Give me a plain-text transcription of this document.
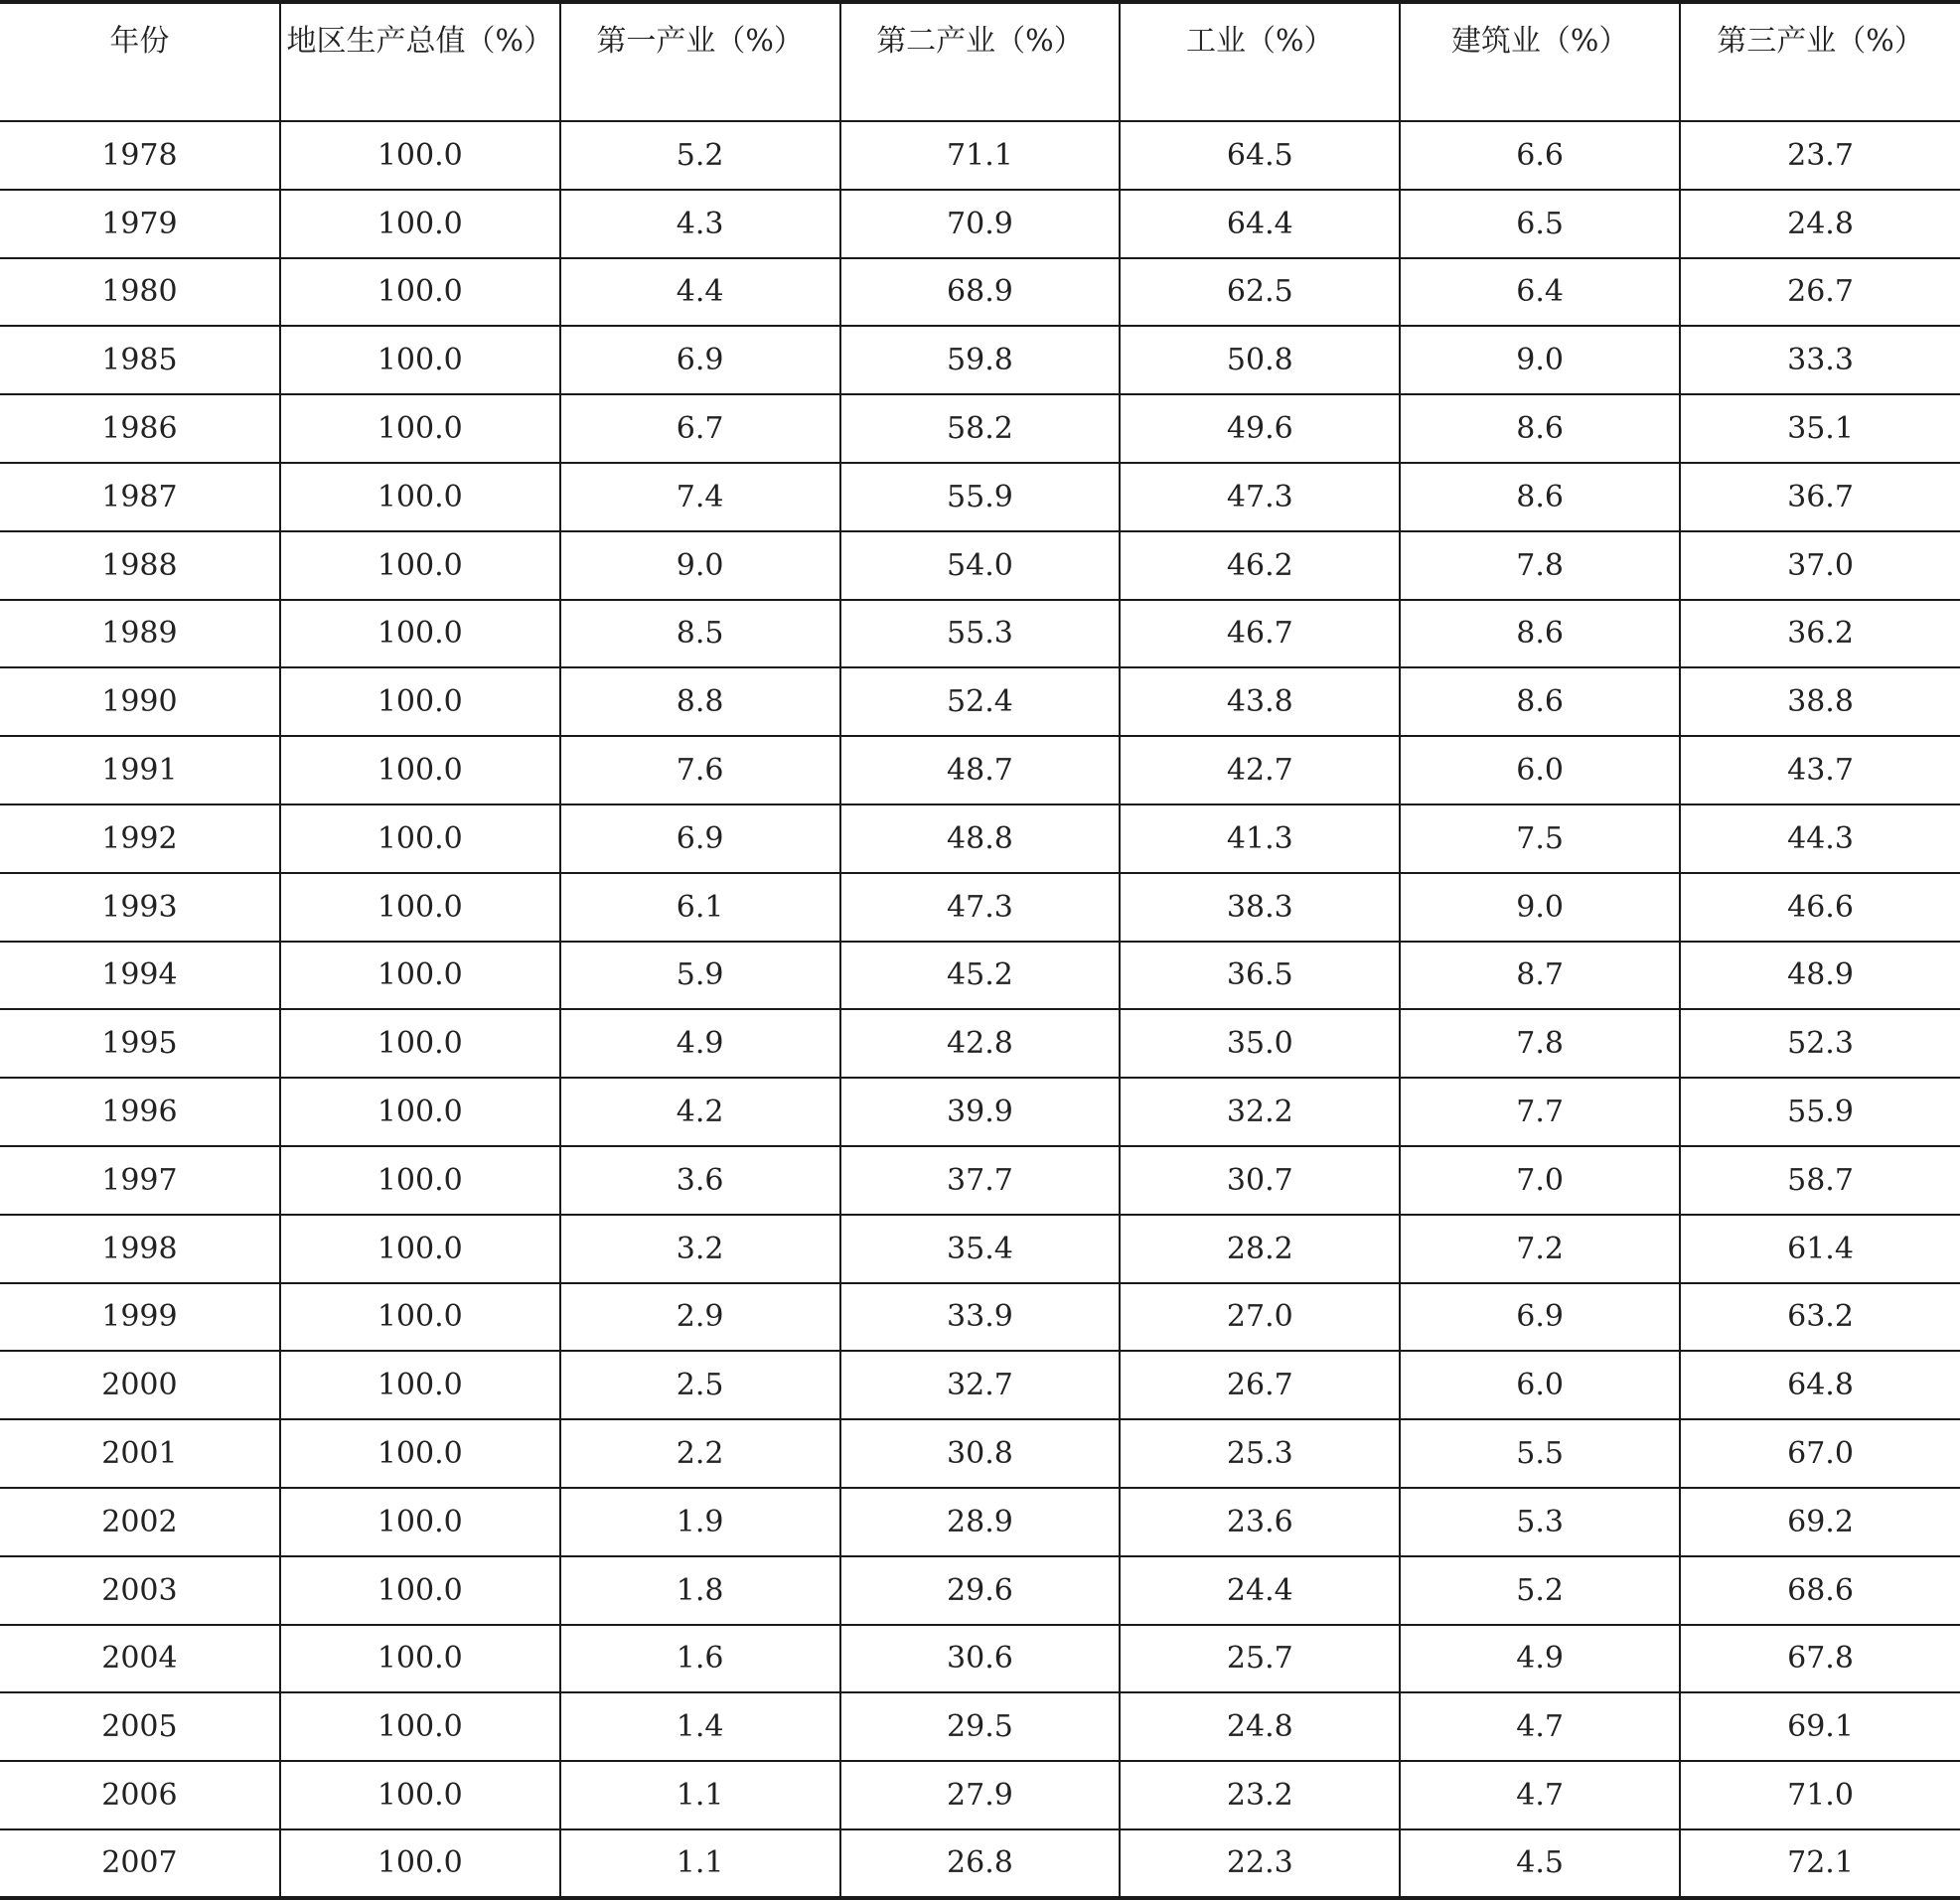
年份	地区生产总值（%）	第一产业（%）	第二产业（%）	工业（%）	建筑业（%）	第三产业（%）
1978	100.0	5.2	71.1	64.5	6.6	23.7
1979	100.0	4.3	70.9	64.4	6.5	24.8
1980	100.0	4.4	68.9	62.5	6.4	26.7
1985	100.0	6.9	59.8	50.8	9.0	33.3
1986	100.0	6.7	58.2	49.6	8.6	35.1
1987	100.0	7.4	55.9	47.3	8.6	36.7
1988	100.0	9.0	54.0	46.2	7.8	37.0
1989	100.0	8.5	55.3	46.7	8.6	36.2
1990	100.0	8.8	52.4	43.8	8.6	38.8
1991	100.0	7.6	48.7	42.7	6.0	43.7
1992	100.0	6.9	48.8	41.3	7.5	44.3
1993	100.0	6.1	47.3	38.3	9.0	46.6
1994	100.0	5.9	45.2	36.5	8.7	48.9
1995	100.0	4.9	42.8	35.0	7.8	52.3
1996	100.0	4.2	39.9	32.2	7.7	55.9
1997	100.0	3.6	37.7	30.7	7.0	58.7
1998	100.0	3.2	35.4	28.2	7.2	61.4
1999	100.0	2.9	33.9	27.0	6.9	63.2
2000	100.0	2.5	32.7	26.7	6.0	64.8
2001	100.0	2.2	30.8	25.3	5.5	67.0
2002	100.0	1.9	28.9	23.6	5.3	69.2
2003	100.0	1.8	29.6	24.4	5.2	68.6
2004	100.0	1.6	30.6	25.7	4.9	67.8
2005	100.0	1.4	29.5	24.8	4.7	69.1
2006	100.0	1.1	27.9	23.2	4.7	71.0
2007	100.0	1.1	26.8	22.3	4.5	72.1
